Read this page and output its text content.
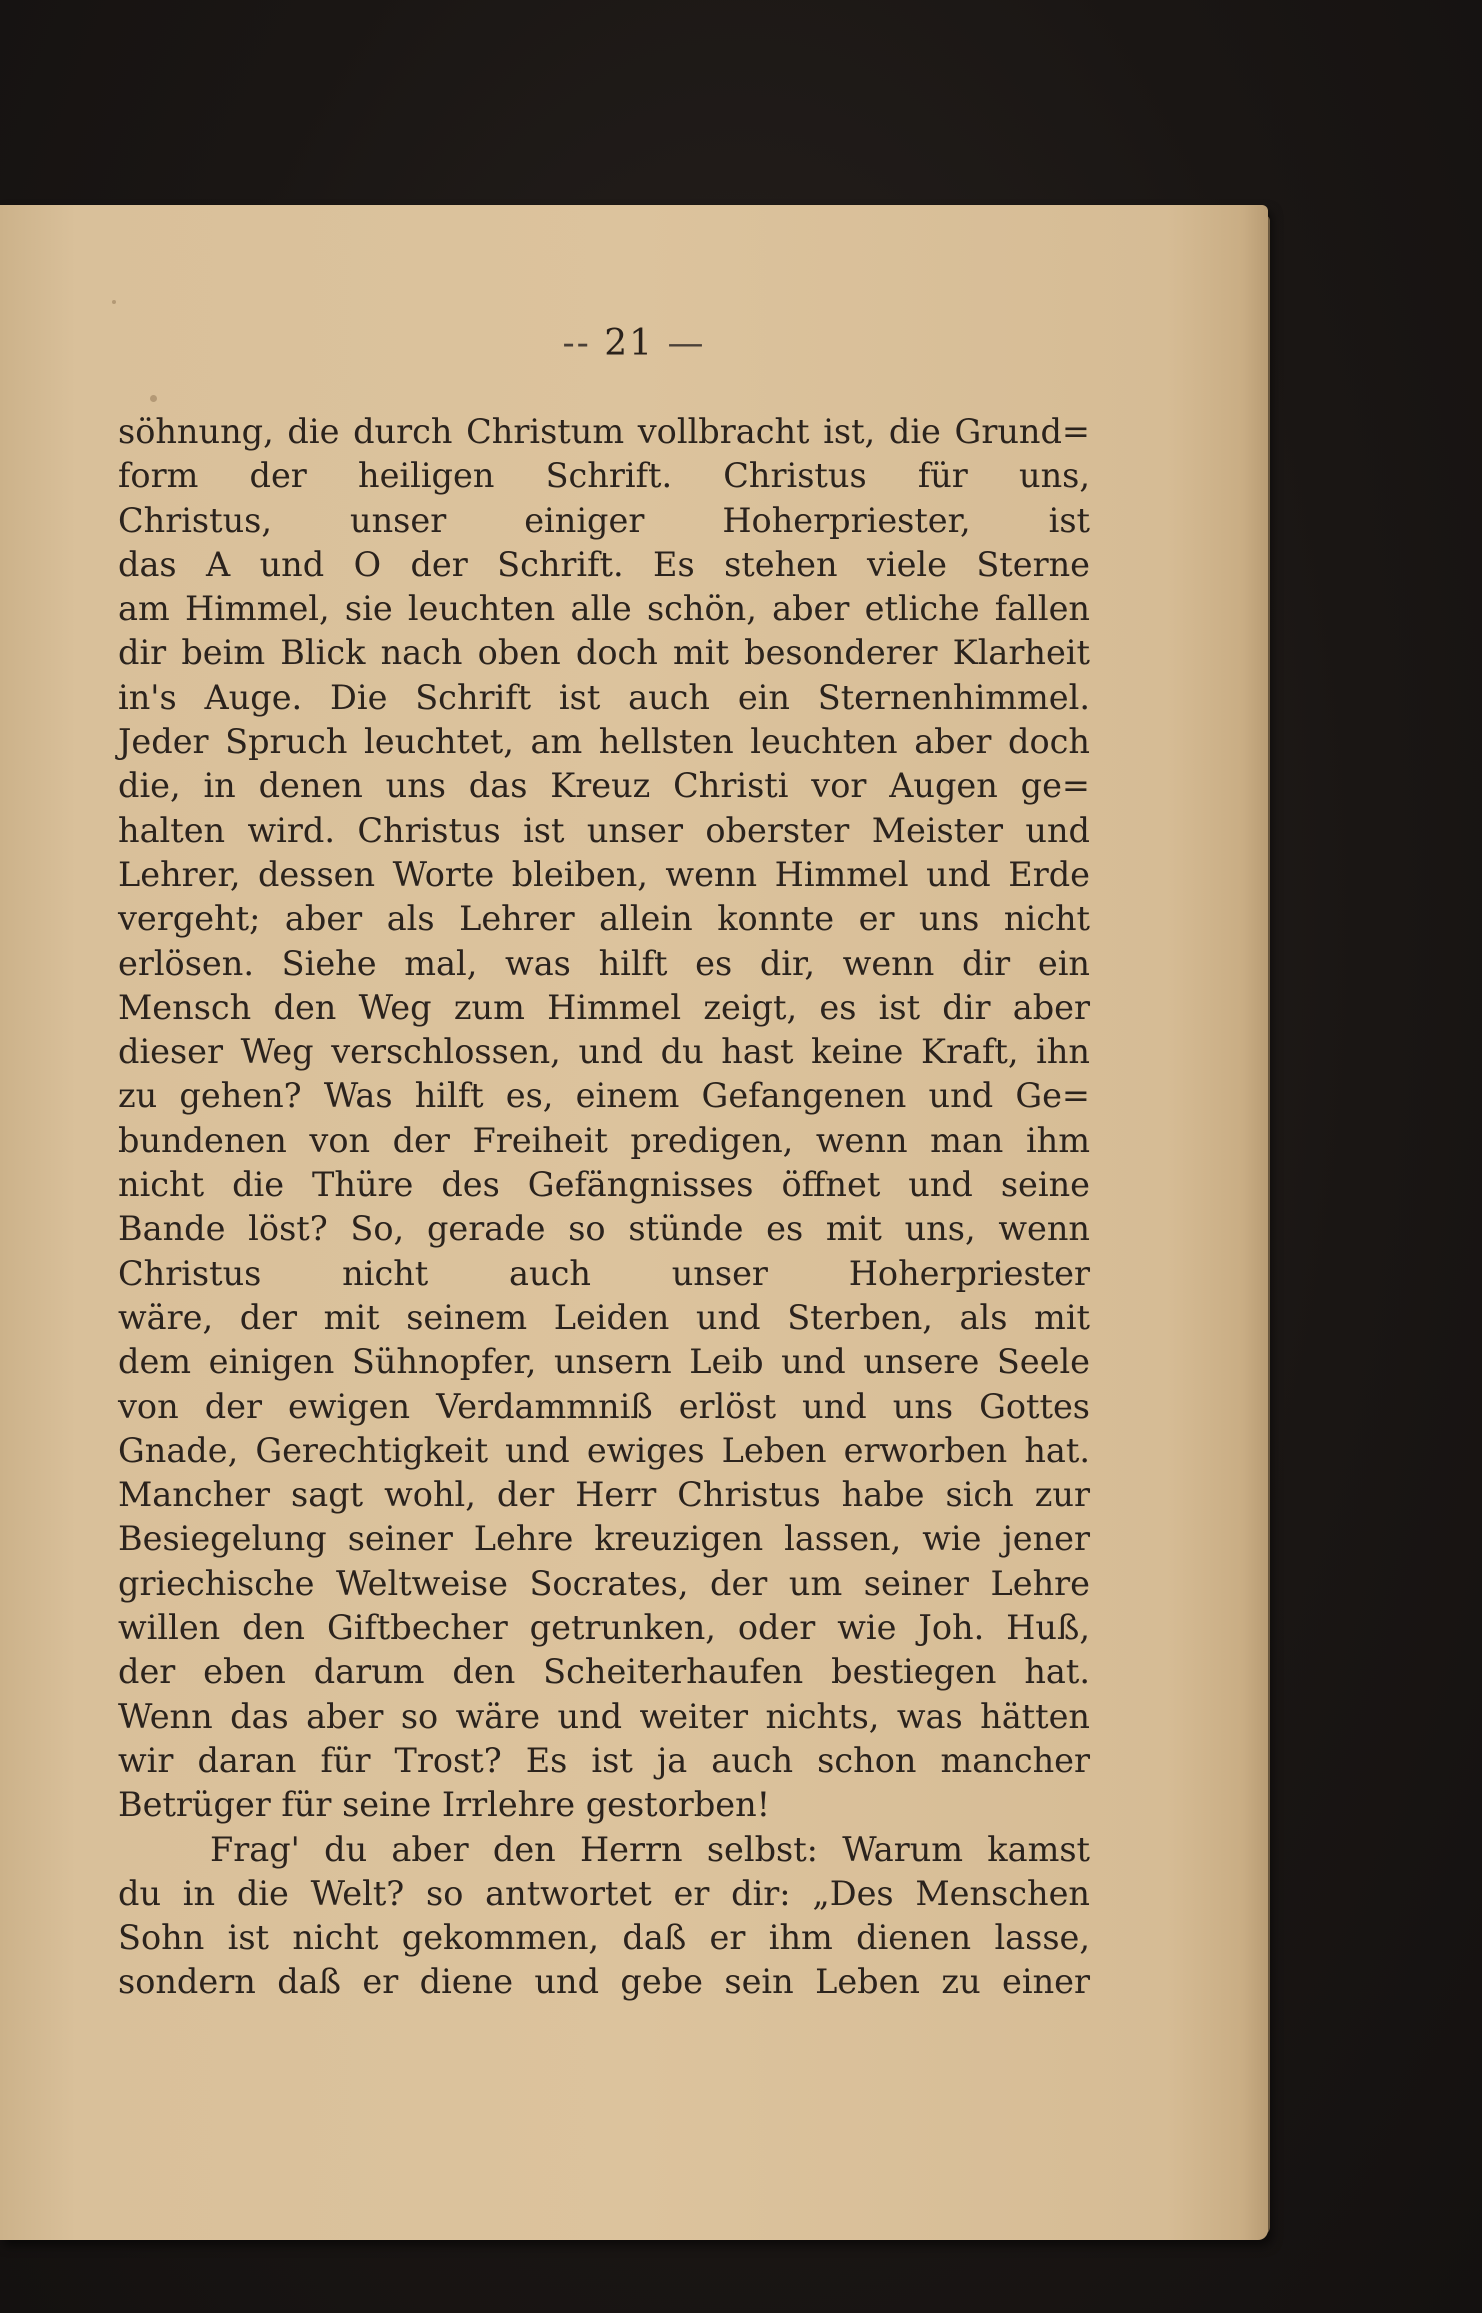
-- 21 —
söhnung, die durch Christum vollbracht ist, die Grund=
form der heiligen Schrift. Christus für uns,
Christus, unser einiger Hoherpriester, ist
das A und O der Schrift. Es stehen viele Sterne
am Himmel, sie leuchten alle schön, aber etliche fallen
dir beim Blick nach oben doch mit besonderer Klarheit
in's Auge. Die Schrift ist auch ein Sternenhimmel.
Jeder Spruch leuchtet, am hellsten leuchten aber doch
die, in denen uns das Kreuz Christi vor Augen ge=
halten wird. Christus ist unser oberster Meister und
Lehrer, dessen Worte bleiben, wenn Himmel und Erde
vergeht; aber als Lehrer allein konnte er uns nicht
erlösen. Siehe mal, was hilft es dir, wenn dir ein
Mensch den Weg zum Himmel zeigt, es ist dir aber
dieser Weg verschlossen, und du hast keine Kraft, ihn
zu gehen? Was hilft es, einem Gefangenen und Ge=
bundenen von der Freiheit predigen, wenn man ihm
nicht die Thüre des Gefängnisses öffnet und seine
Bande löst? So, gerade so stünde es mit uns, wenn
Christus nicht auch unser Hoherpriester
wäre, der mit seinem Leiden und Sterben, als mit
dem einigen Sühnopfer, unsern Leib und unsere Seele
von der ewigen Verdammniß erlöst und uns Gottes
Gnade, Gerechtigkeit und ewiges Leben erworben hat.
Mancher sagt wohl, der Herr Christus habe sich zur
Besiegelung seiner Lehre kreuzigen lassen, wie jener
griechische Weltweise Socrates, der um seiner Lehre
willen den Giftbecher getrunken, oder wie Joh. Huß,
der eben darum den Scheiterhaufen bestiegen hat.
Wenn das aber so wäre und weiter nichts, was hätten
wir daran für Trost? Es ist ja auch schon mancher
Betrüger für seine Irrlehre gestorben!
Frag' du aber den Herrn selbst: Warum kamst
du in die Welt? so antwortet er dir: „Des Menschen
Sohn ist nicht gekommen, daß er ihm dienen lasse,
sondern daß er diene und gebe sein Leben zu einer
